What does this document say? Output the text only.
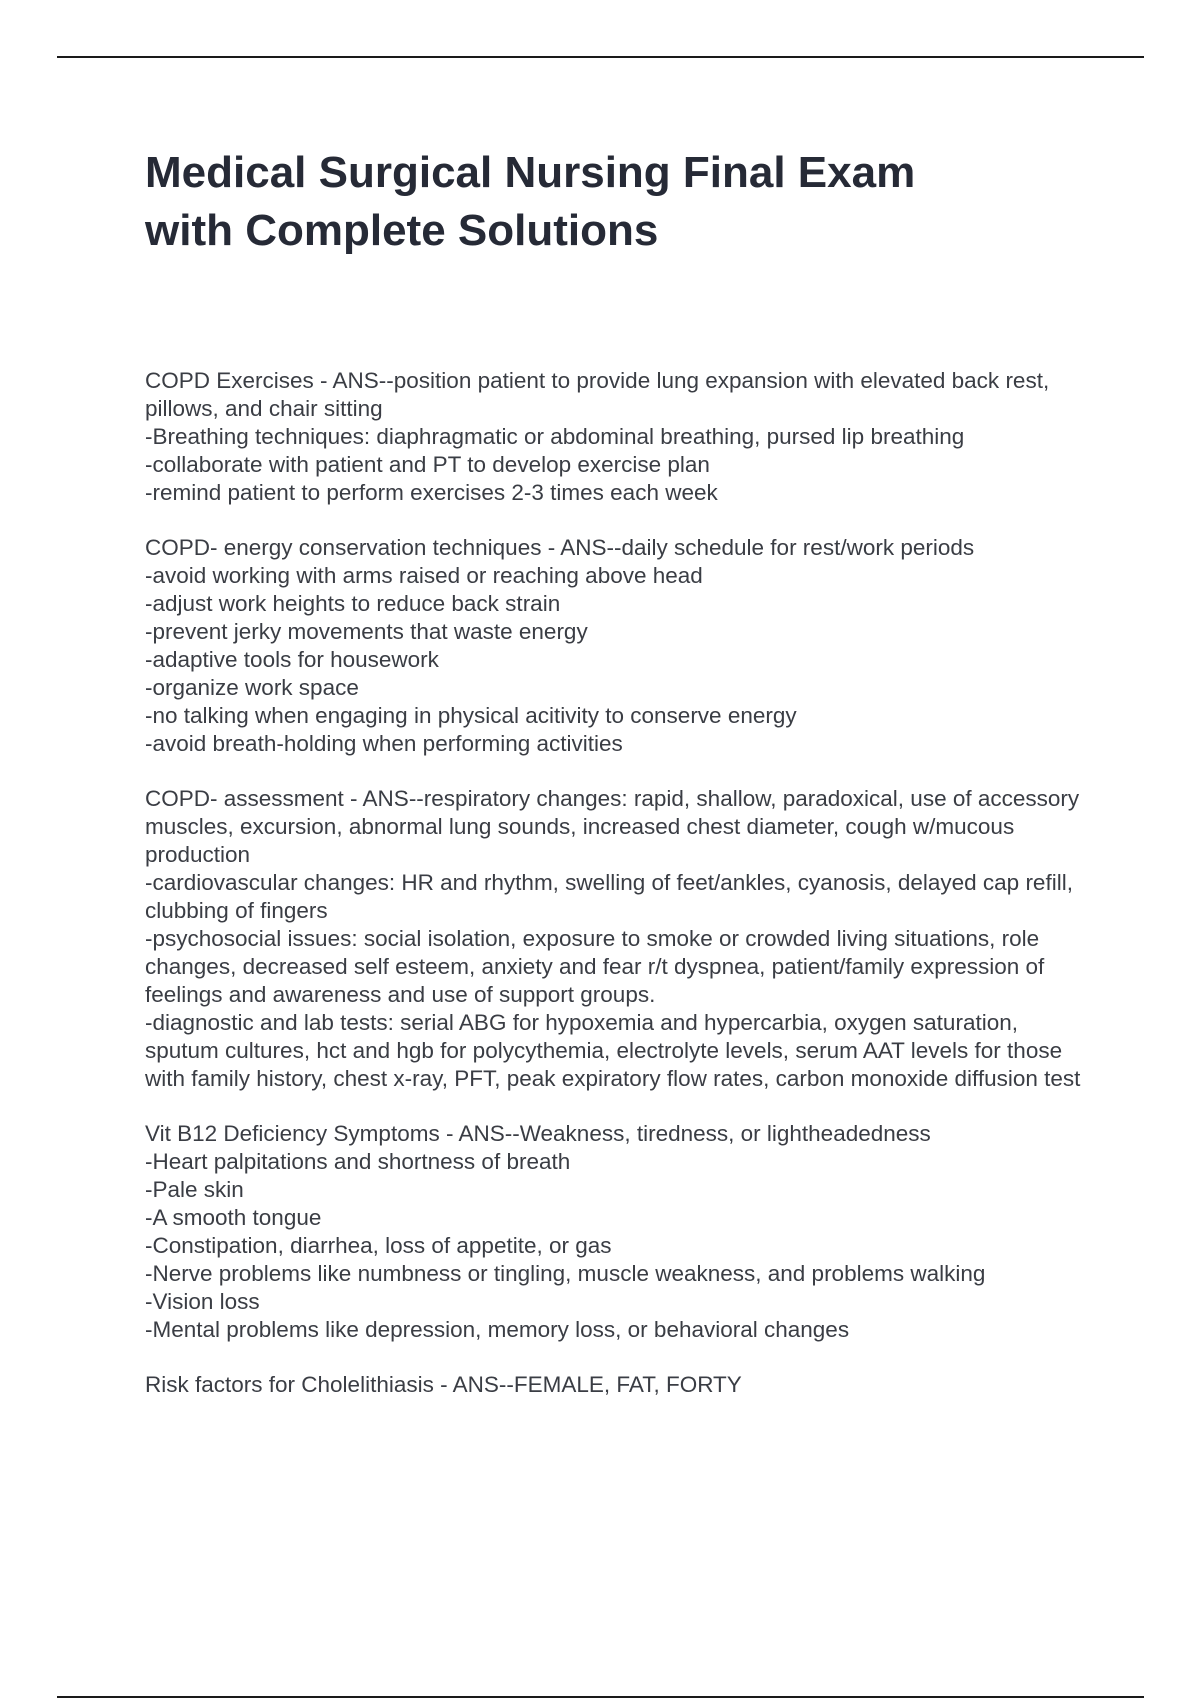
Medical Surgical Nursing Final Exam
with Complete Solutions
COPD Exercises - ANS--position patient to provide lung expansion with elevated back rest, pillows, and chair sitting
-Breathing techniques: diaphragmatic or abdominal breathing, pursed lip breathing
-collaborate with patient and PT to develop exercise plan
-remind patient to perform exercises 2-3 times each week
COPD- energy conservation techniques - ANS--daily schedule for rest/work periods
-avoid working with arms raised or reaching above head
-adjust work heights to reduce back strain
-prevent jerky movements that waste energy
-adaptive tools for housework
-organize work space
-no talking when engaging in physical acitivity to conserve energy
-avoid breath-holding when performing activities
COPD- assessment - ANS--respiratory changes: rapid, shallow, paradoxical, use of accessory muscles, excursion, abnormal lung sounds, increased chest diameter, cough w/mucous production
-cardiovascular changes: HR and rhythm, swelling of feet/ankles, cyanosis, delayed cap refill, clubbing of fingers
-psychosocial issues: social isolation, exposure to smoke or crowded living situations, role changes, decreased self esteem, anxiety and fear r/t dyspnea, patient/family expression of feelings and awareness and use of support groups.
-diagnostic and lab tests: serial ABG for hypoxemia and hypercarbia, oxygen saturation, sputum cultures, hct and hgb for polycythemia, electrolyte levels, serum AAT levels for those with family history, chest x-ray, PFT, peak expiratory flow rates, carbon monoxide diffusion test
Vit B12 Deficiency Symptoms - ANS--Weakness, tiredness, or lightheadedness
-Heart palpitations and shortness of breath
-Pale skin
-A smooth tongue
-Constipation, diarrhea, loss of appetite, or gas
-Nerve problems like numbness or tingling, muscle weakness, and problems walking
-Vision loss
-Mental problems like depression, memory loss, or behavioral changes
Risk factors for Cholelithiasis - ANS--FEMALE, FAT, FORTY
